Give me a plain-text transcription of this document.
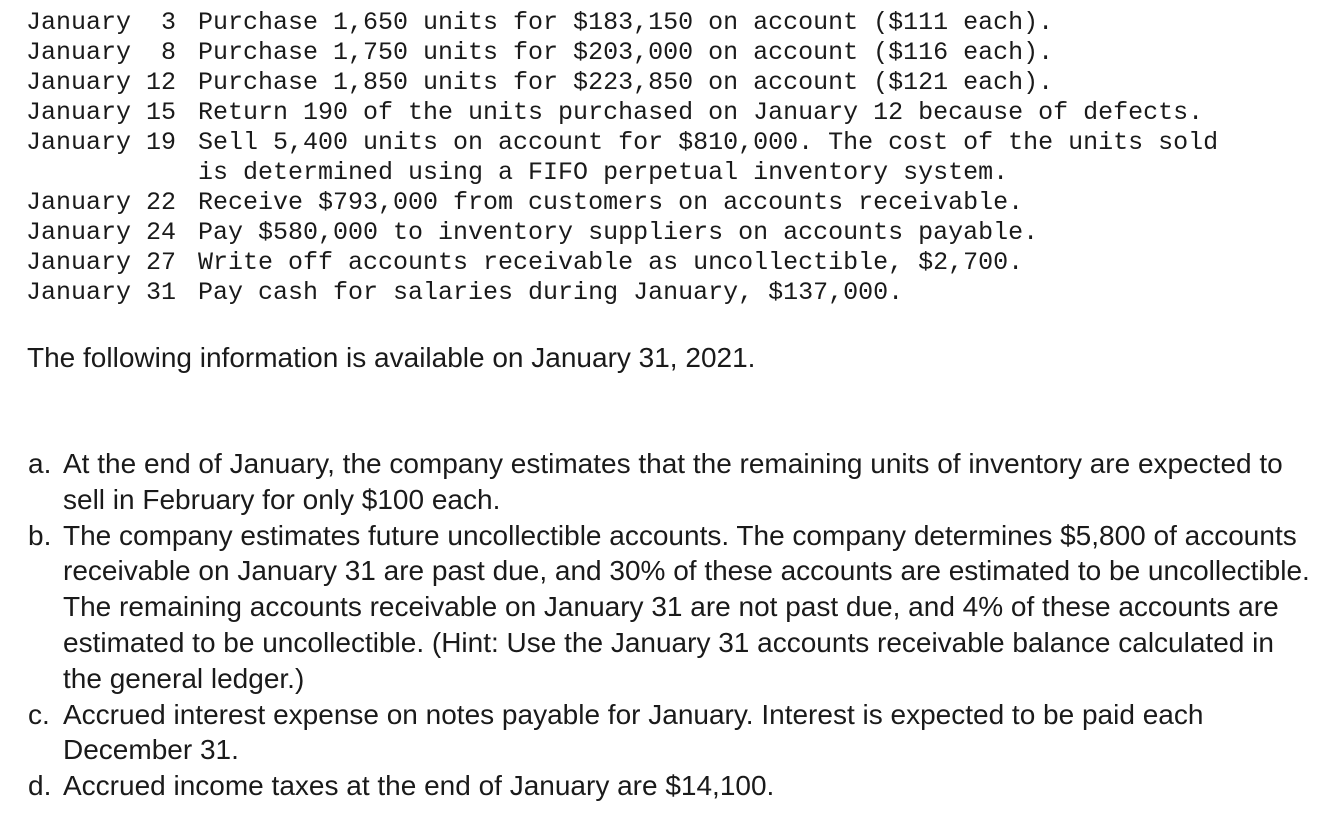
January  3 Purchase 1,650 units for $183,150 on account ($111 each).
January  8 Purchase 1,750 units for $203,000 on account ($116 each).
January 12 Purchase 1,850 units for $223,850 on account ($121 each).
January 15 Return 190 of the units purchased on January 12 because of defects.
January 19 Sell 5,400 units on account for $810,000. The cost of the units sold
is determined using a FIFO perpetual inventory system.
January 22 Receive $793,000 from customers on accounts receivable.
January 24 Pay $580,000 to inventory suppliers on accounts payable.
January 27 Write off accounts receivable as uncollectible, $2,700.
January 31 Pay cash for salaries during January, $137,000.

The following information is available on January 31, 2021.

a. At the end of January, the company estimates that the remaining units of inventory are expected to sell in February for only $100 each.
b. The company estimates future uncollectible accounts. The company determines $5,800 of accounts receivable on January 31 are past due, and 30% of these accounts are estimated to be uncollectible. The remaining accounts receivable on January 31 are not past due, and 4% of these accounts are estimated to be uncollectible. (Hint: Use the January 31 accounts receivable balance calculated in the general ledger.)
c. Accrued interest expense on notes payable for January. Interest is expected to be paid each December 31.
d. Accrued income taxes at the end of January are $14,100.
